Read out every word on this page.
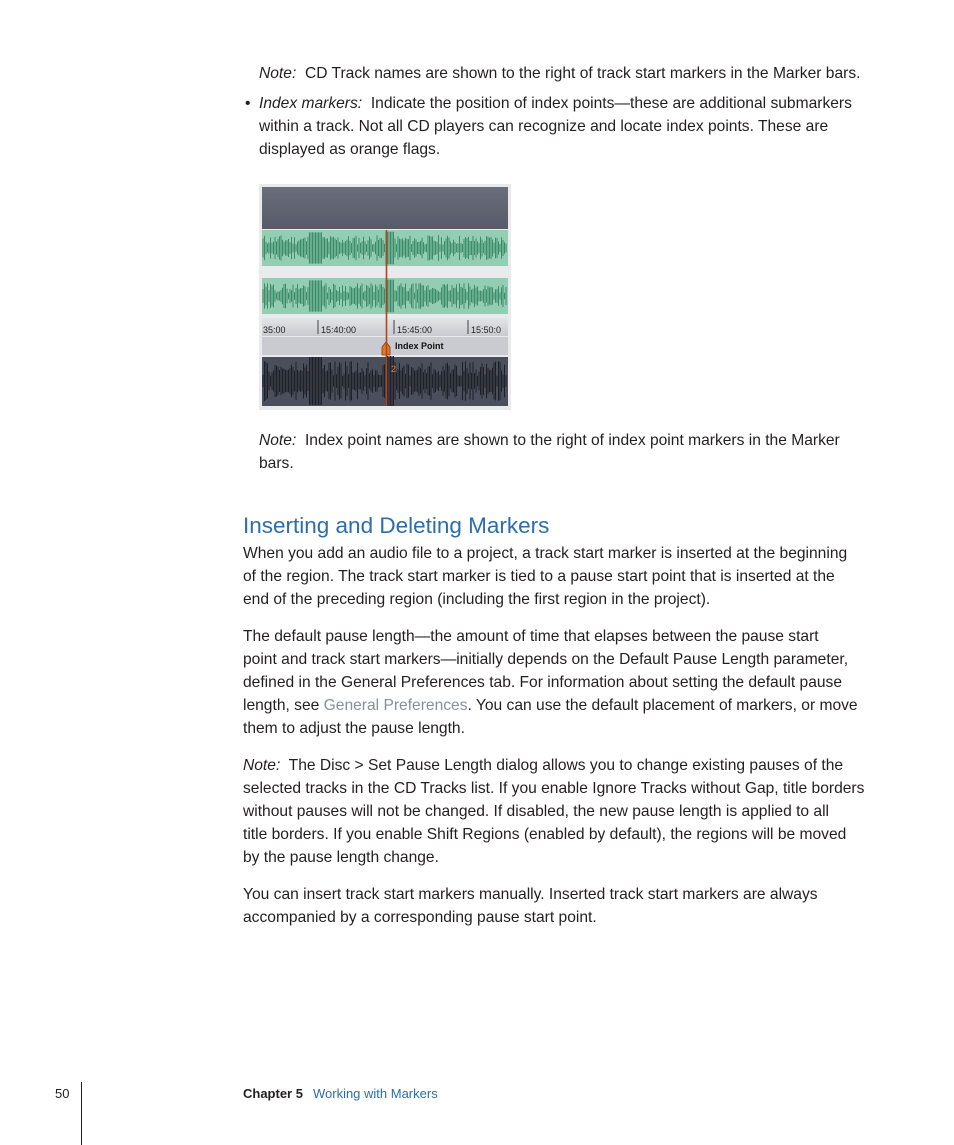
Note: CD Track names are shown to the right of track start markers in the Marker bars.

• Index markers: Indicate the position of index points—these are additional submarkers
within a track. Not all CD players can recognize and locate index points. These are
displayed as orange flags.

35:00	15:40:00	15:45:00	15:50:0
Index Point
2

Note: Index point names are shown to the right of index point markers in the Marker
bars.

Inserting and Deleting Markers

When you add an audio file to a project, a track start marker is inserted at the beginning
of the region. The track start marker is tied to a pause start point that is inserted at the
end of the preceding region (including the first region in the project).

The default pause length—the amount of time that elapses between the pause start
point and track start markers—initially depends on the Default Pause Length parameter,
defined in the General Preferences tab. For information about setting the default pause
length, see General Preferences. You can use the default placement of markers, or move
them to adjust the pause length.

Note: The Disc > Set Pause Length dialog allows you to change existing pauses of the
selected tracks in the CD Tracks list. If you enable Ignore Tracks without Gap, title borders
without pauses will not be changed. If disabled, the new pause length is applied to all
title borders. If you enable Shift Regions (enabled by default), the regions will be moved
by the pause length change.

You can insert track start markers manually. Inserted track start markers are always
accompanied by a corresponding pause start point.

50	Chapter 5 Working with Markers
